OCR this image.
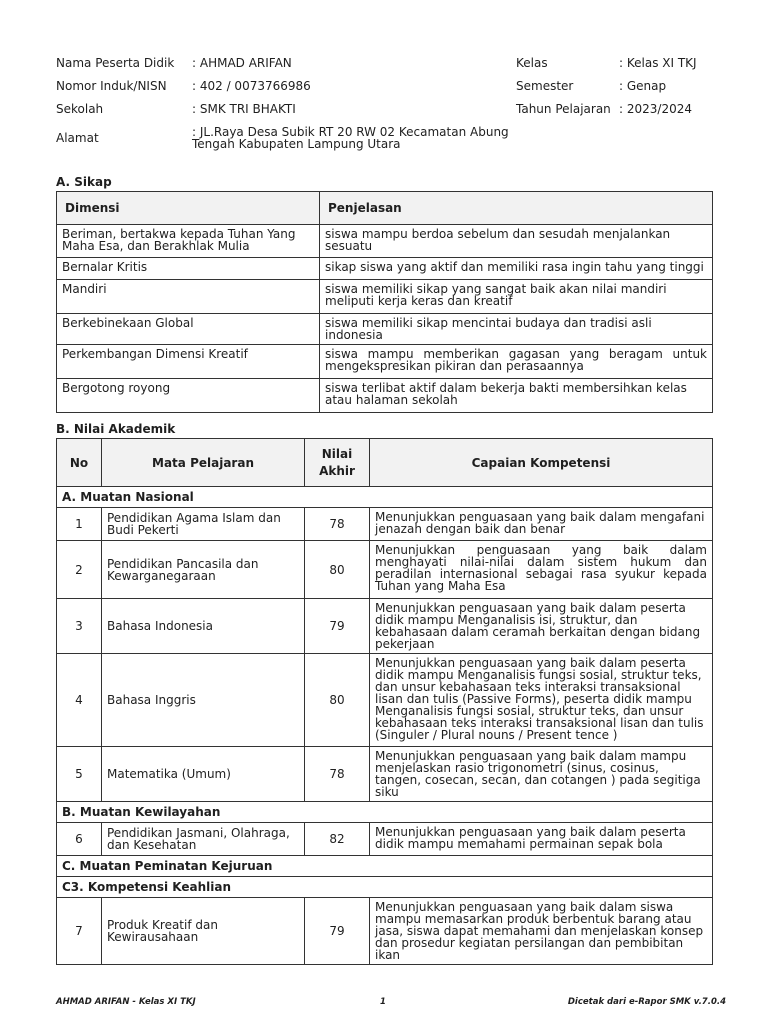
Nama Peserta Didik : AHMAD ARIFAN
Nomor Induk/NISN : 402 / 0073766986
Sekolah	: SMK TRI BHAKTI
Alamat	: JL.Raya Desa Subik RT 20 RW 02 Kecamatan Abung Tengah Kabupaten Lampung Utara
Kelas	: Kelas XI TKJ
Semester	: Genap
Tahun Pelajaran : 2023/2024
A. Sikap
Dimensi	Penjelasan
Beriman, bertakwa kepada Tuhan Yang Maha Esa, dan Berakhlak Mulia	siswa mampu berdoa sebelum dan sesudah menjalankan sesuatu
Bernalar Kritis	sikap siswa yang aktif dan memiliki rasa ingin tahu yang tinggi
Mandiri	siswa memiliki sikap yang sangat baik akan nilai mandiri meliputi kerja keras dan kreatif
Berkebinekaan Global	siswa memiliki sikap mencintai budaya dan tradisi asli indonesia
Perkembangan Dimensi Kreatif	siswa mampu memberikan gagasan yang beragam untuk mengekspresikan pikiran dan perasaannya
Bergotong royong	siswa terlibat aktif dalam bekerja bakti membersihkan kelas atau halaman sekolah
B. Nilai Akademik
No	Mata Pelajaran	Nilai Akhir	Capaian Kompetensi
A. Muatan Nasional			
1	Pendidikan Agama Islam dan Budi Pekerti	78	Menunjukkan penguasaan yang baik dalam mengafani jenazah dengan baik dan benar
2	Pendidikan Pancasila dan Kewarganegaraan	80	Menunjukkan penguasaan yang baik dalam menghayati nilai-nilai dalam sistem hukum dan peradilan internasional sebagai rasa syukur kepada Tuhan yang Maha Esa
3	Bahasa Indonesia	79	Menunjukkan penguasaan yang baik dalam peserta didik mampu Menganalisis isi, struktur, dan kebahasaan dalam ceramah berkaitan dengan bidang pekerjaan
4	Bahasa Inggris	80	Menunjukkan penguasaan yang baik dalam peserta didik mampu Menganalisis fungsi sosial, struktur teks, dan unsur kebahasaan teks interaksi transaksional lisan dan tulis (Passive Forms), peserta didik mampu Menganalisis fungsi sosial, struktur teks, dan unsur kebahasaan teks interaksi transaksional lisan dan tulis (Singuler / Plural nouns / Present tence )
5	Matematika (Umum)	78	Menunjukkan penguasaan yang baik dalam mampu menjelaskan rasio trigonometri (sinus, cosinus, tangen, cosecan, secan, dan cotangen ) pada segitiga siku
B. Muatan Kewilayahan			
6	Pendidikan Jasmani, Olahraga, dan Kesehatan	82	Menunjukkan penguasaan yang baik dalam peserta didik mampu memahami permainan sepak bola
C. Muatan Peminatan Kejuruan			
C3. Kompetensi Keahlian			
7	Produk Kreatif dan Kewirausahaan	79	Menunjukkan penguasaan yang baik dalam siswa mampu memasarkan produk berbentuk barang atau jasa, siswa dapat memahami dan menjelaskan konsep dan prosedur kegiatan persilangan dan pembibitan ikan
AHMAD ARIFAN - Kelas XI TKJ	1	Dicetak dari e-Rapor SMK v.7.0.4
